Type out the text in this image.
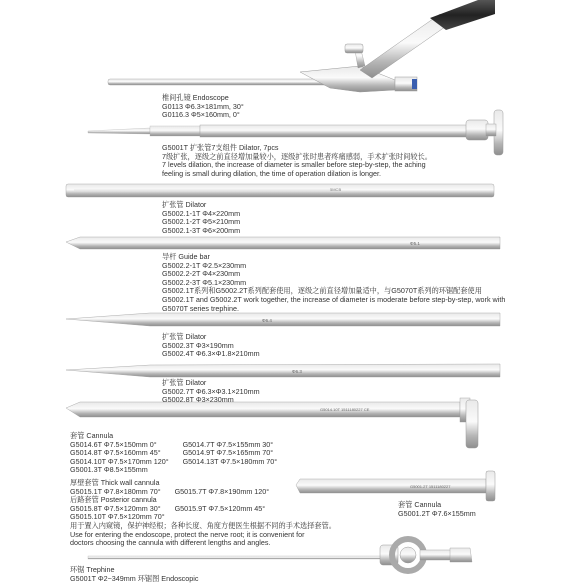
5MCB
Φ5.1
Φ6.4
Φ6.3
G5014.10T 1511180227 CE
G5001.2T 1511180227
椎间孔镜 Endoscope
G0113 Φ6.3×181mm, 30°
G0116.3 Φ5×160mm, 0°
G5001T 扩张管7支组件 Dilator, 7pcs
7级扩张，逐级之前直径增加量较小，逐级扩张时患者疼痛感弱，手术扩张时间较长。
7 levels dilation, the increase of diameter is smaller before step-by-step, the aching
feeling is small during dilation, the time of operation dilation is longer.
扩张管 Dilator
G5002.1-1T Φ4×220mm
G5002.1-2T Φ5×210mm
G5002.1-3T Φ6×200mm
导杆 Guide bar
G5002.2-1T Φ2.5×230mm
G5002.2-2T Φ4×230mm
G5002.2-3T Φ5.1×230mm
G5002.1T系列和G5002.2T系列配套使用，逐级之前直径增加量适中，与G5070T系列的环锯配套使用
G5002.1T and G5002.2T work together, the increase of diameter is moderate before step-by-step, work with
G5070T series trephine.
扩张管 Dilator
G5002.3T Φ3×190mm
G5002.4T Φ6.3×Φ1.8×210mm
扩张管 Dilator
G5002.7T Φ6.3×Φ3.1×210mm
G5002.8T Φ3×230mm
套管 Cannula
G5014.6T Φ7.5×150mm 0°
G5014.8T Φ7.5×160mm 45°
G5014.10T Φ7.5×170mm 120°
G5001.3T Φ8.5×155mm
G5014.7T Φ7.5×155mm 30°
G5014.9T Φ7.5×165mm 70°
G5014.13T Φ7.5×180mm 70°
厚壁套管 Thick wall cannula
G5015.1T Φ7.8×180mm 70° G5015.7T Φ7.8×190mm 120°
后路套管 Posterior cannula
G5015.8T Φ7.5×120mm 30° G5015.9T Φ7.5×120mm 45°
G5015.10T Φ7.5×120mm 70°
用于置入内窥镜，保护神经根；各种长度、角度方便医生根据不同的手术选择套管。
Use for entering the endoscope, protect the nerve root; it is convenient for
doctors choosing the cannula with different lengths and angles.
套管 Cannula
G5001.2T Φ7.6×155mm
环锯 Trephine
G5001T Φ2~349mm 环锯图 Endoscopic
